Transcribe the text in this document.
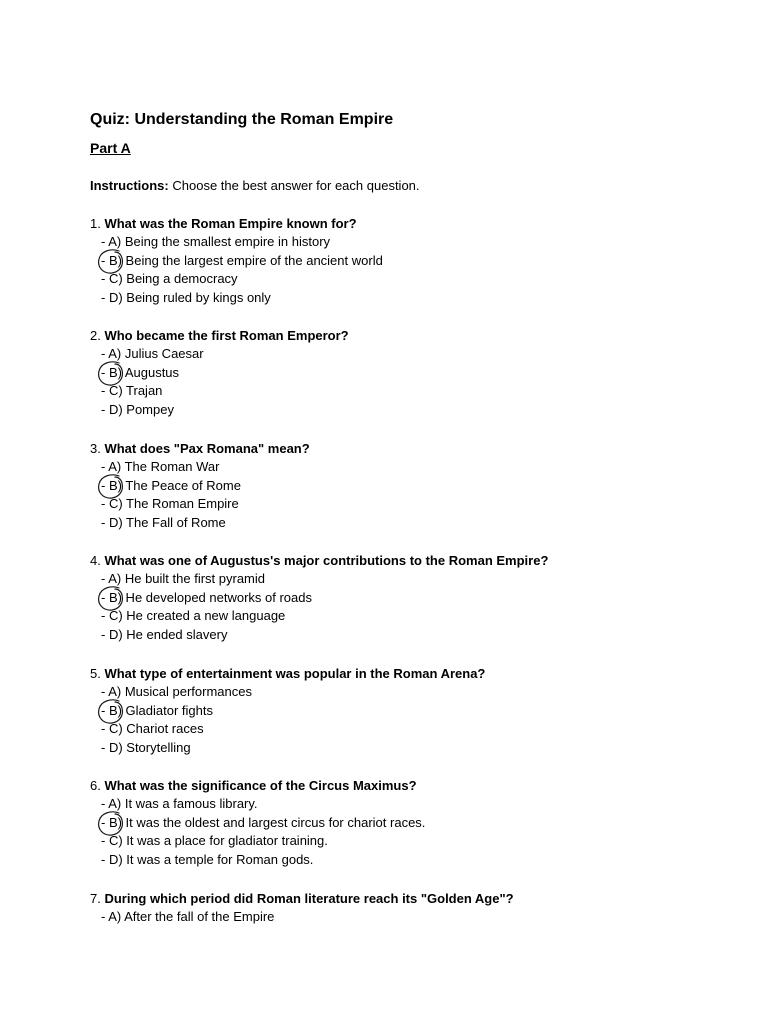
Quiz: Understanding the Roman Empire
Part A
Instructions: Choose the best answer for each question.
1. What was the Roman Empire known for?
- A) Being the smallest empire in history
- B) Being the largest empire of the ancient world
- C) Being a democracy
- D) Being ruled by kings only
2. Who became the first Roman Emperor?
- A) Julius Caesar
- B) Augustus
- C) Trajan
- D) Pompey
3. What does "Pax Romana" mean?
- A) The Roman War
- B) The Peace of Rome
- C) The Roman Empire
- D) The Fall of Rome
4. What was one of Augustus's major contributions to the Roman Empire?
- A) He built the first pyramid
- B) He developed networks of roads
- C) He created a new language
- D) He ended slavery
5. What type of entertainment was popular in the Roman Arena?
- A) Musical performances
- B) Gladiator fights
- C) Chariot races
- D) Storytelling
6. What was the significance of the Circus Maximus?
- A) It was a famous library.
- B) It was the oldest and largest circus for chariot races.
- C) It was a place for gladiator training.
- D) It was a temple for Roman gods.
7. During which period did Roman literature reach its "Golden Age"?
- A) After the fall of the Empire
